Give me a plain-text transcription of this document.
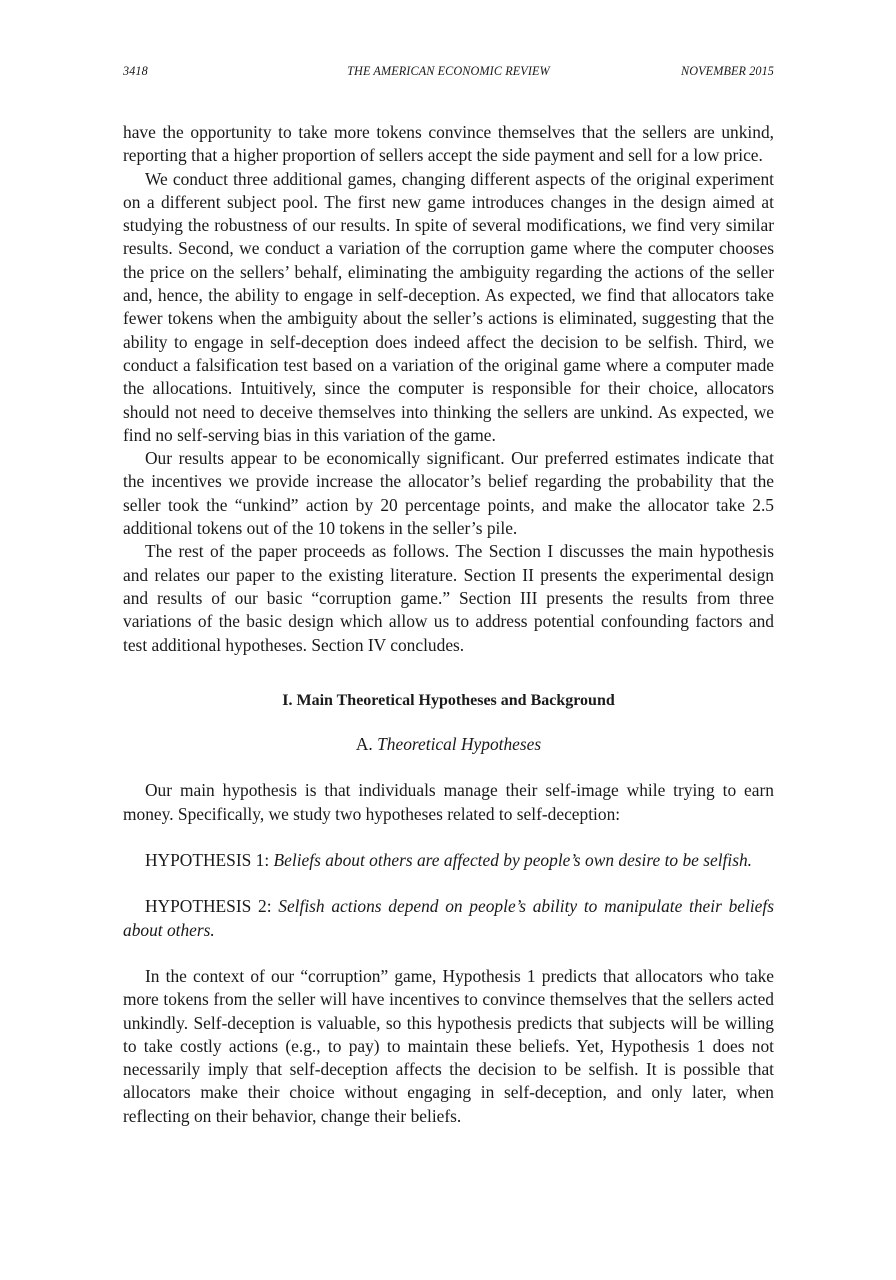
3418	THE AMERICAN ECONOMIC REVIEW	NOVEMBER 2015

have the opportunity to take more tokens convince themselves that the sellers are unkind, reporting that a higher proportion of sellers accept the side payment and sell for a low price.

We conduct three additional games, changing different aspects of the original experiment on a different subject pool. The first new game introduces changes in the design aimed at studying the robustness of our results. In spite of several modifications, we find very similar results. Second, we conduct a variation of the corruption game where the computer chooses the price on the sellers’ behalf, eliminating the ambiguity regarding the actions of the seller and, hence, the ability to engage in self-deception. As expected, we find that allocators take fewer tokens when the ambiguity about the seller’s actions is eliminated, suggesting that the ability to engage in self-deception does indeed affect the decision to be selfish. Third, we conduct a falsification test based on a variation of the original game where a computer made the allocations. Intuitively, since the computer is responsible for their choice, allocators should not need to deceive themselves into thinking the sellers are unkind. As expected, we find no self-serving bias in this variation of the game.

Our results appear to be economically significant. Our preferred estimates indicate that the incentives we provide increase the allocator’s belief regarding the probability that the seller took the “unkind” action by 20 percentage points, and make the allocator take 2.5 additional tokens out of the 10 tokens in the seller’s pile.

The rest of the paper proceeds as follows. The Section I discusses the main hypothesis and relates our paper to the existing literature. Section II presents the experimental design and results of our basic “corruption game.” Section III presents the results from three variations of the basic design which allow us to address potential confounding factors and test additional hypotheses. Section IV concludes.

I. Main Theoretical Hypotheses and Background
A. Theoretical Hypotheses

Our main hypothesis is that individuals manage their self-image while trying to earn money. Specifically, we study two hypotheses related to self-deception:

HYPOTHESIS 1: Beliefs about others are affected by people’s own desire to be selfish.

HYPOTHESIS 2: Selfish actions depend on people’s ability to manipulate their beliefs about others.

In the context of our “corruption” game, Hypothesis 1 predicts that allocators who take more tokens from the seller will have incentives to convince themselves that the sellers acted unkindly. Self-deception is valuable, so this hypothesis predicts that subjects will be willing to take costly actions (e.g., to pay) to maintain these beliefs. Yet, Hypothesis 1 does not necessarily imply that self-deception affects the decision to be selfish. It is possible that allocators make their choice without engaging in self-deception, and only later, when reflecting on their behavior, change their beliefs.
